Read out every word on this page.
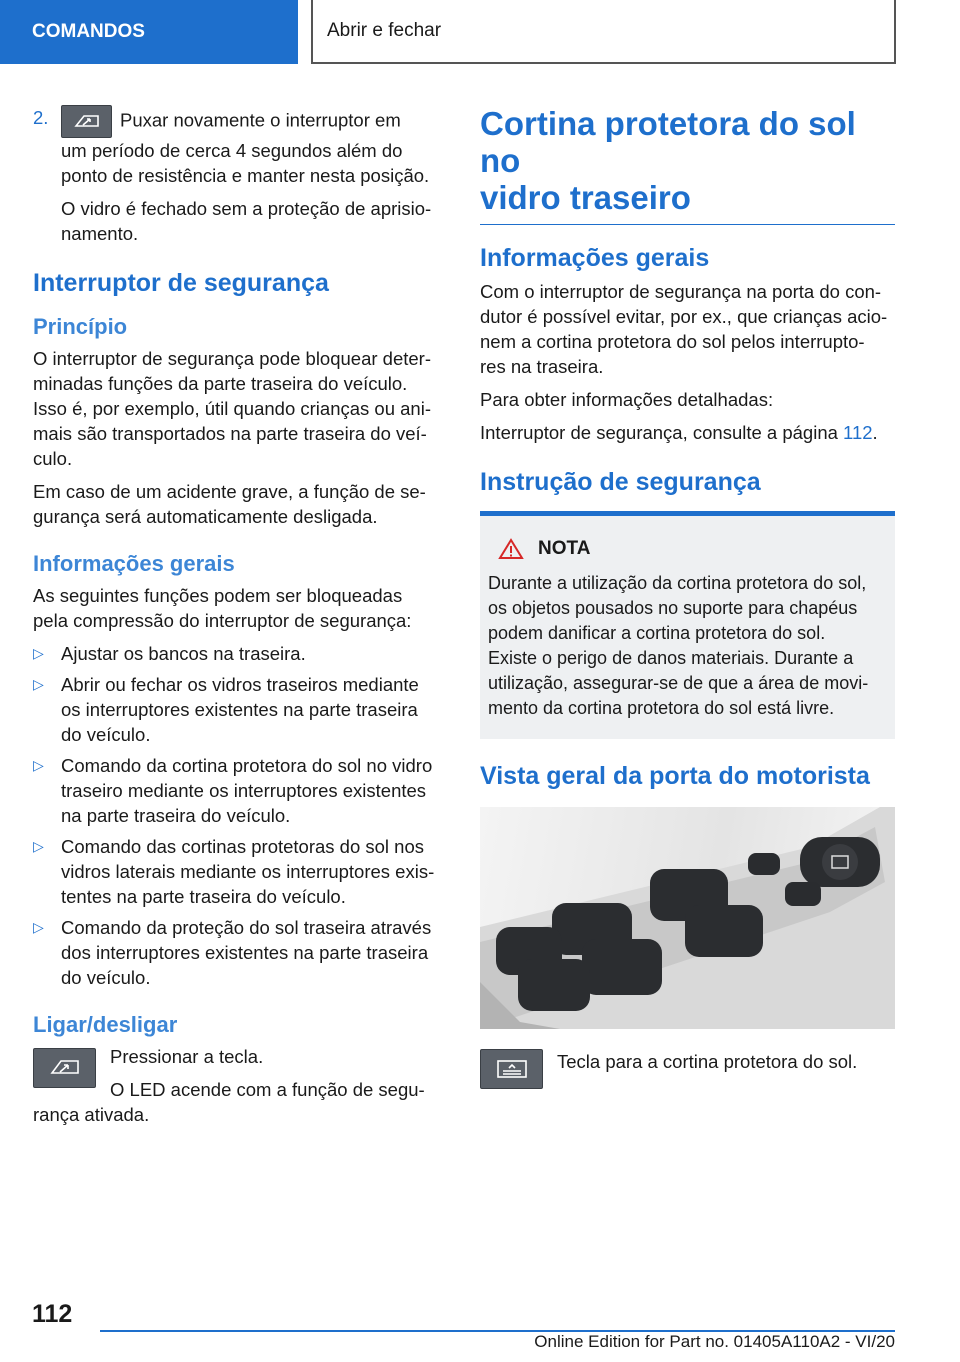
COMANDOS	Abrir e fechar
2.	Puxar novamente o interruptor em
um período de cerca 4 segundos além do
ponto de resistência e manter nesta posição.

O vidro é fechado sem a proteção de aprisio-
namento.

Interruptor de segurança
Princípio

O interruptor de segurança pode bloquear deter-
minadas funções da parte traseira do veículo.
Isso é, por exemplo, útil quando crianças ou ani-
mais são transportados na parte traseira do veí-
culo.

Em caso de um acidente grave, a função de se-
gurança será automaticamente desligada.

Informações gerais

As seguintes funções podem ser bloqueadas
pela compressão do interruptor de segurança:

▷ Ajustar os bancos na traseira.
▷ Abrir ou fechar os vidros traseiros mediante
os interruptores existentes na parte traseira
do veículo.
▷ Comando da cortina protetora do sol no vidro
traseiro mediante os interruptores existentes
na parte traseira do veículo.
▷ Comando das cortinas protetoras do sol nos
vidros laterais mediante os interruptores exis-
tentes na parte traseira do veículo.
▷ Comando da proteção do sol traseira através
dos interruptores existentes na parte traseira
do veículo.
Ligar/desligar

Pressionar a tecla.

O LED acende com a função de segu-

rança ativada.

Cortina protetora do sol no
vidro traseiro
Informações gerais

Com o interruptor de segurança na porta do con-
dutor é possível evitar, por ex., que crianças acio-
nem a cortina protetora do sol pelos interrupto-
res na traseira.

Para obter informações detalhadas:

Interruptor de segurança, consulte a página 112.

Instrução de segurança
NOTA
Durante a utilização da cortina protetora do sol,
os objetos pousados no suporte para chapéus
podem danificar a cortina protetora do sol.
Existe o perigo de danos materiais. Durante a
utilização, assegurar-se de que a área de movi-
mento da cortina protetora do sol está livre.
Vista geral da porta do motorista
Tecla para a cortina protetora do sol.
112
Online Edition for Part no. 01405A110A2 - VI/20
